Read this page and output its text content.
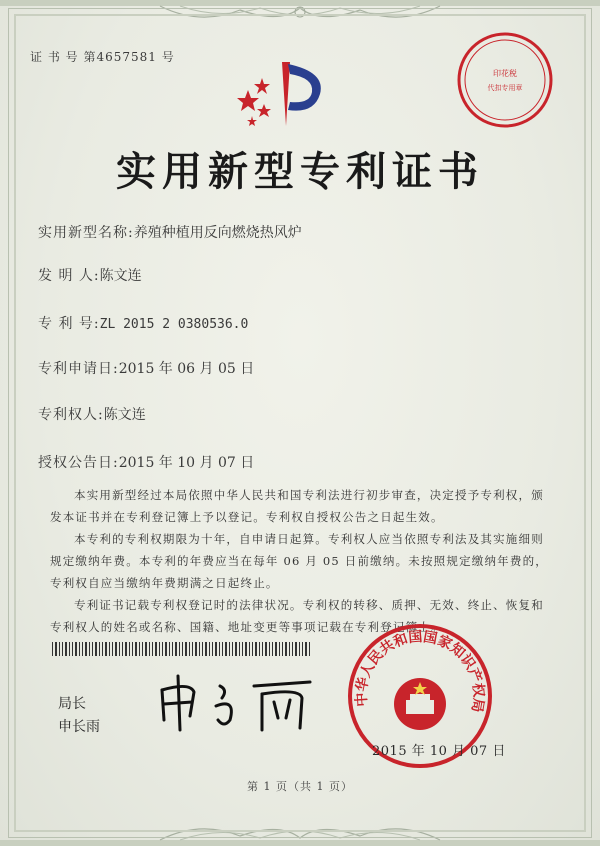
证 书 号 第4657581 号
印花税
代扣专用章
实用新型专利证书
实用新型名称:养殖种植用反向燃烧热风炉
发 明 人:陈文连
专 利 号:ZL 2015 2 0380536.0
专利申请日:2015 年 06 月 05 日
专利权人:陈文连
授权公告日:2015 年 10 月 07 日

本实用新型经过本局依照中华人民共和国专利法进行初步审查，决定授予专利权，颁发本证书并在专利登记簿上予以登记。专利权自授权公告之日起生效。

本专利的专利权期限为十年，自申请日起算。专利权人应当依照专利法及其实施细则规定缴纳年费。本专利的年费应当在每年 06 月 05 日前缴纳。未按照规定缴纳年费的，专利权自应当缴纳年费期满之日起终止。

专利证书记载专利权登记时的法律状况。专利权的转移、质押、无效、终止、恢复和专利权人的姓名或名称、国籍、地址变更等事项记载在专利登记簿上。

局长
申长雨
中华人民共和国国家知识产权局
2015 年 10 月 07 日
第 1 页（共 1 页）
